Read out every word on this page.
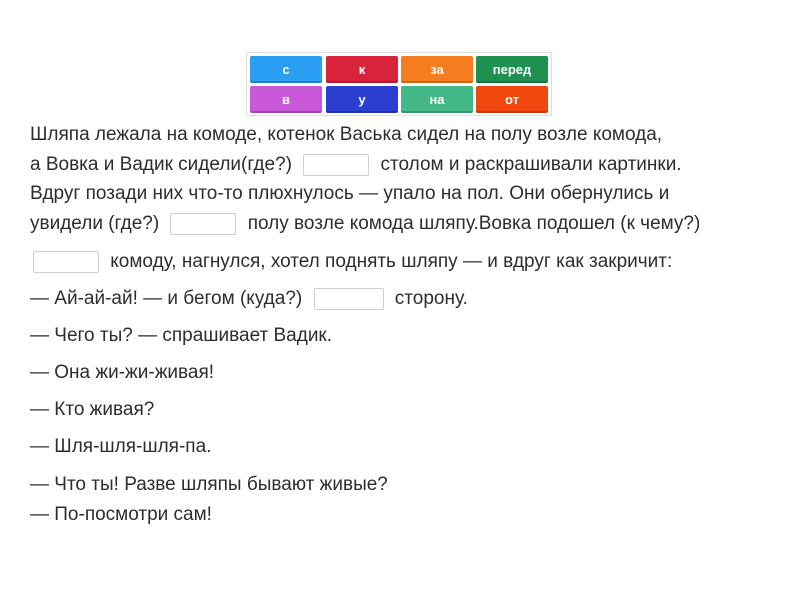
с	к	за	перед
в	у	на	от
Шляпа лежала на комоде, котенок Васька сидел на полу возле комода,
а Вовка и Вадик сидели(где?)	столом и раскрашивали картинки.
Вдруг позади них что-то плюхнулось — упало на пол. Они обернулись и
увидели (где?)	полу возле комода шляпу.Вовка подошел (к чему?)
комоду, нагнулся, хотел поднять шляпу — и вдруг как закричит:
— Ай-ай-ай! — и бегом (куда?)	сторону.
— Чего ты? — спрашивает Вадик.
— Она жи-жи-живая!
— Кто живая?
— Шля-шля-шля-па.
— Что ты! Разве шляпы бывают живые?
— По-посмотри сам!
